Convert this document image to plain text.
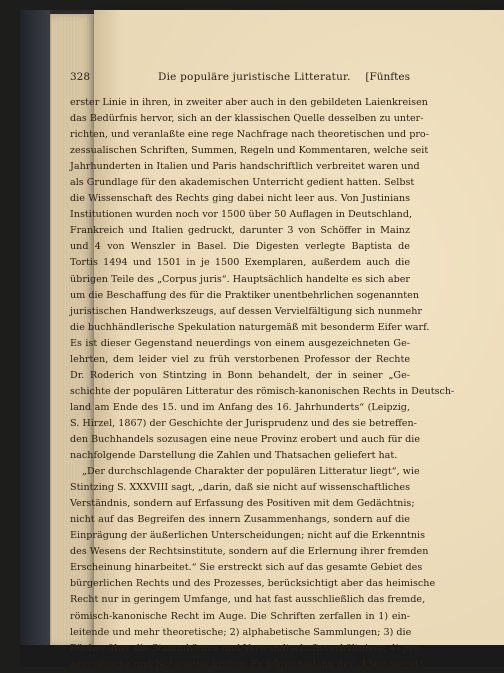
328	Die populäre juristische Litteratur. [Fünftes
erster Linie in ihren, in zweiter aber auch in den gebildeten Laienkreisen
das Bedürfnis hervor, sich an der klassischen Quelle desselben zu unter-
richten, und veranlaßte eine rege Nachfrage nach theoretischen und pro-
zessualischen Schriften, Summen, Regeln und Kommentaren, welche seit
Jahrhunderten in Italien und Paris handschriftlich verbreitet waren und
als Grundlage für den akademischen Unterricht gedient hatten. Selbst
die Wissenschaft des Rechts ging dabei nicht leer aus. Von Justinians
Institutionen wurden noch vor 1500 über 50 Auflagen in Deutschland,
Frankreich und Italien gedruckt, darunter 3 von Schöffer in Mainz
und 4 von Wenszler in Basel. Die Digesten verlegte Baptista de
Tortis 1494 und 1501 in je 1500 Exemplaren, außerdem auch die
übrigen Teile des „Corpus juris“. Hauptsächlich handelte es sich aber
um die Beschaffung des für die Praktiker unentbehrlichen sogenannten
juristischen Handwerkszeugs, auf dessen Vervielfältigung sich nunmehr
die buchhändlerische Spekulation naturgemäß mit besonderm Eifer warf.
Es ist dieser Gegenstand neuerdings von einem ausgezeichneten Ge-
lehrten, dem leider viel zu früh verstorbenen Professor der Rechte
Dr. Roderich von Stintzing in Bonn behandelt, der in seiner „Ge-
schichte der populären Litteratur des römisch-kanonischen Rechts in Deutsch-
land am Ende des 15. und im Anfang des 16. Jahrhunderts“ (Leipzig,
S. Hirzel, 1867) der Geschichte der Jurisprudenz und des sie betreffen-
den Buchhandels sozusagen eine neue Provinz erobert und auch für die
nachfolgende Darstellung die Zahlen und Thatsachen geliefert hat.
„Der durchschlagende Charakter der populären Litteratur liegt“, wie
Stintzing S. XXXVIII sagt, „darin, daß sie nicht auf wissenschaftliches
Verständnis, sondern auf Erfassung des Positiven mit dem Gedächtnis;
nicht auf das Begreifen des innern Zusammenhangs, sondern auf die
Einprägung der äußerlichen Unterscheidungen; nicht auf die Erkenntnis
des Wesens der Rechtsinstitute, sondern auf die Erlernung ihrer fremden
Erscheinung hinarbeitet.“ Sie erstreckt sich auf das gesamte Gebiet des
bürgerlichen Rechts und des Prozesses, berücksichtigt aber das heimische
Recht nur in geringem Umfange, und hat fast ausschließlich das fremde,
römisch-kanonische Recht im Auge. Die Schriften zerfallen in 1) ein-
leitende und mehr theoretische; 2) alphabetische Sammlungen; 3) die
Bücher über die Stammbäume und Verwandtschaftsverhältnisse; 4) pro-
zessualische und Notariatsschriften. Es folgen sodann der „Klagspiegel“
